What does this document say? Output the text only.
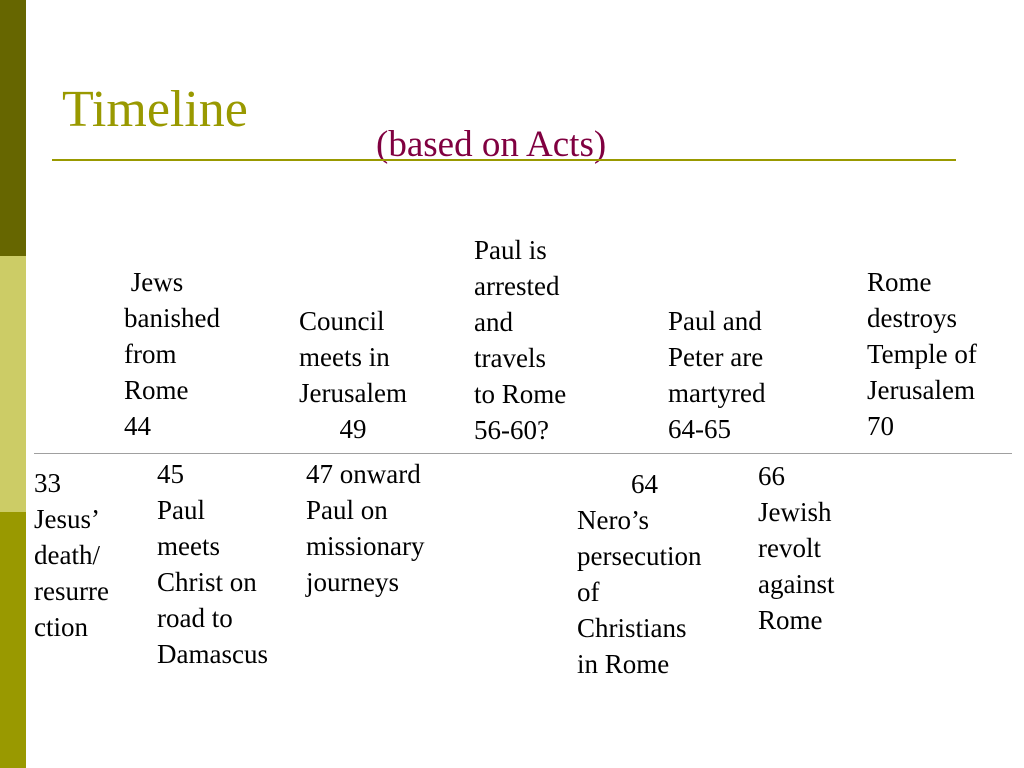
Timeline
(based on Acts)
Jews
banished
from
Rome
44
Council
meets in
Jerusalem
49
Paul is
arrested
and
travels
to Rome
56-60?
Paul and
Peter are
martyred
64-65
Rome
destroys
Temple of
Jerusalem
70
33
Jesus’
death/
resurre
ction
45
Paul
meets
Christ on
road to
Damascus
47 onward
Paul on
missionary
journeys
64
Nero’s
persecution
of
Christians
in Rome
66
Jewish
revolt
against
Rome
